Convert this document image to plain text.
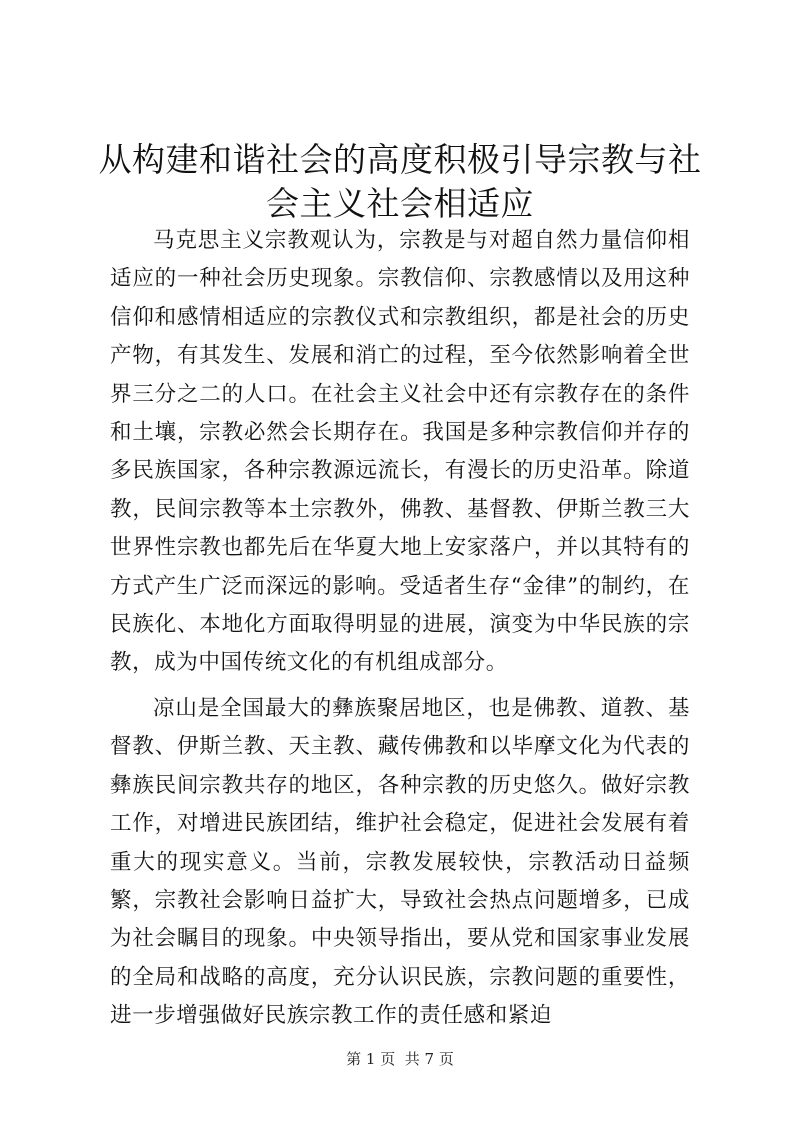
从构建和谐社会的高度积极引导宗教与社会主义社会相适应

马克思主义宗教观认为，宗教是与对超自然力量信仰相适应的一种社会历史现象。宗教信仰、宗教感情以及用这种信仰和感情相适应的宗教仪式和宗教组织，都是社会的历史产物，有其发生、发展和消亡的过程，至今依然影响着全世界三分之二的人口。在社会主义社会中还有宗教存在的条件和土壤，宗教必然会长期存在。我国是多种宗教信仰并存的多民族国家，各种宗教源远流长，有漫长的历史沿革。除道教，民间宗教等本土宗教外，佛教、基督教、伊斯兰教三大世界性宗教也都先后在华夏大地上安家落户，并以其特有的方式产生广泛而深远的影响。受适者生存“金律”的制约，在民族化、本地化方面取得明显的进展，演变为中华民族的宗教，成为中国传统文化的有机组成部分。

凉山是全国最大的彝族聚居地区，也是佛教、道教、基督教、伊斯兰教、天主教、藏传佛教和以毕摩文化为代表的彝族民间宗教共存的地区，各种宗教的历史悠久。做好宗教工作，对增进民族团结，维护社会稳定，促进社会发展有着重大的现实意义。当前，宗教发展较快，宗教活动日益频繁，宗教社会影响日益扩大，导致社会热点问题增多，已成为社会瞩目的现象。中央领导指出，要从党和国家事业发展的全局和战略的高度，充分认识民族，宗教问题的重要性，进一步增强做好民族宗教工作的责任感和紧迫

第 1 页  共 7 页
